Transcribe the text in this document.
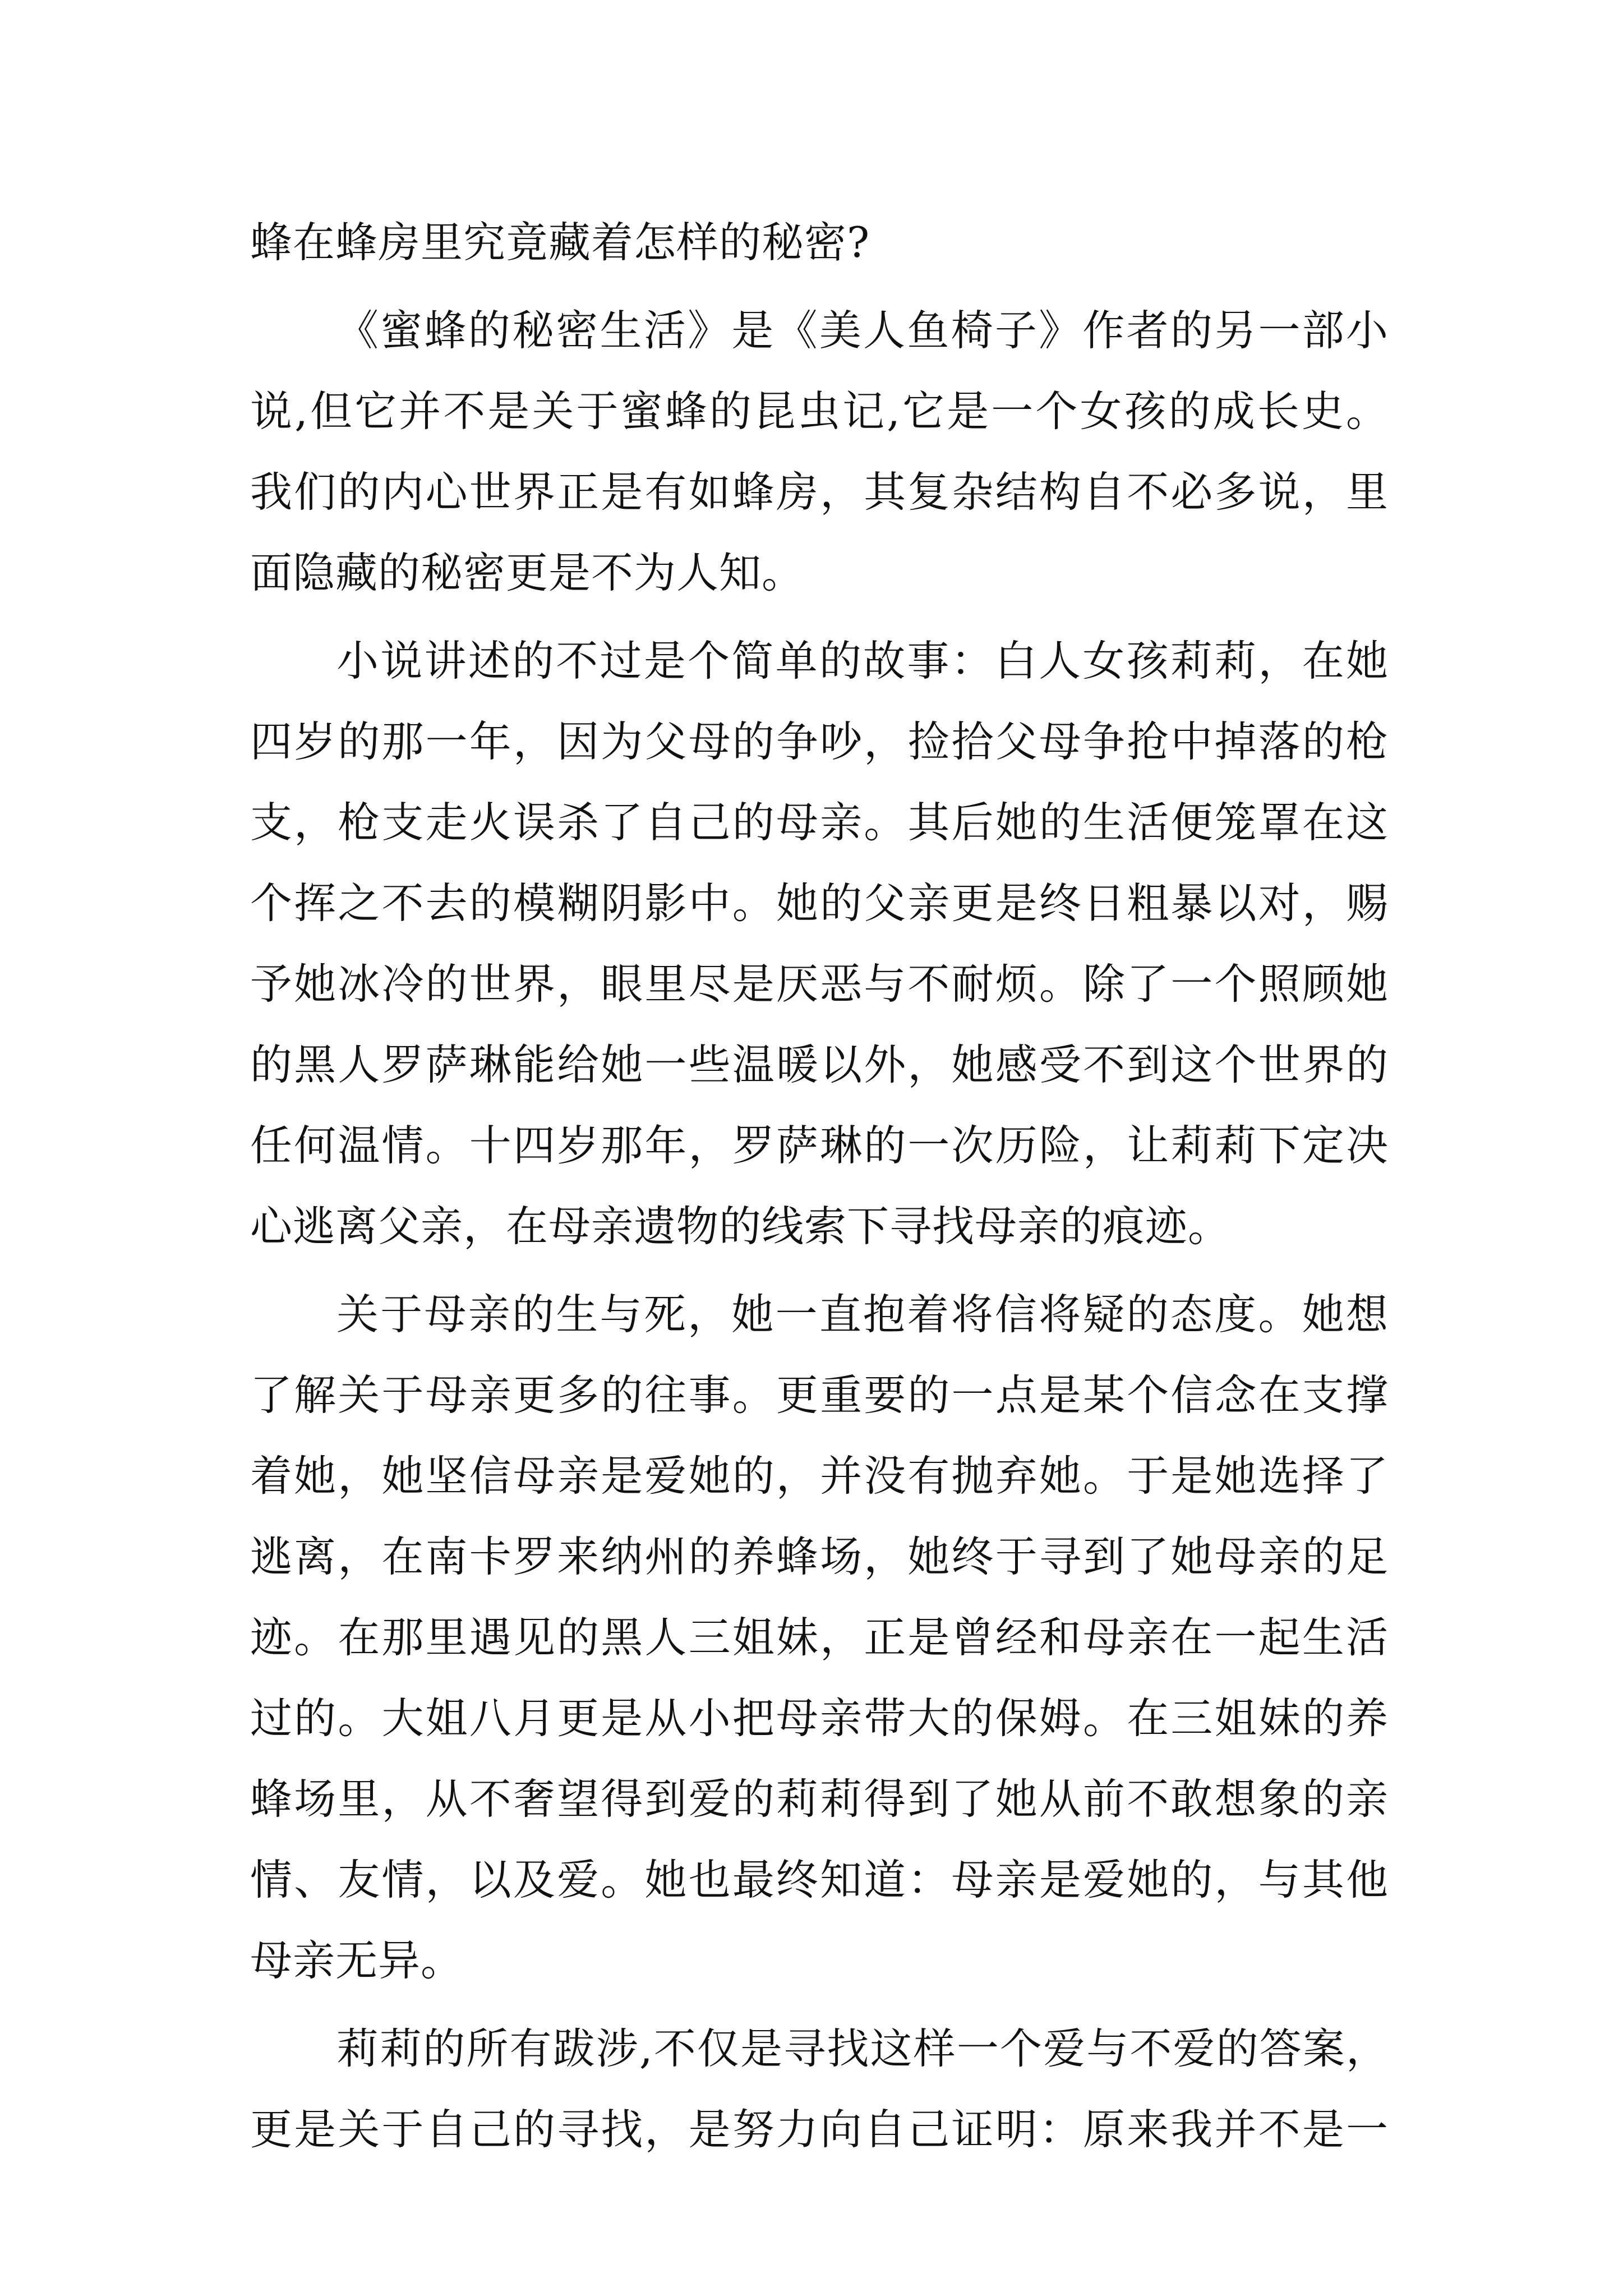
蜂在蜂房里究竟藏着怎样的秘密?

《蜜蜂的秘密生活》是《美人鱼椅子》作者的另一部小
说,但它并不是关于蜜蜂的昆虫记,它是一个女孩的成长史。
我们的内心世界正是有如蜂房，其复杂结构自不必多说，里
面隐藏的秘密更是不为人知。

小说讲述的不过是个简单的故事：白人女孩莉莉，在她
四岁的那一年，因为父母的争吵，捡拾父母争抢中掉落的枪
支，枪支走火误杀了自己的母亲。其后她的生活便笼罩在这
个挥之不去的模糊阴影中。她的父亲更是终日粗暴以对，赐
予她冰冷的世界，眼里尽是厌恶与不耐烦。除了一个照顾她
的黑人罗萨琳能给她一些温暖以外，她感受不到这个世界的
任何温情。十四岁那年，罗萨琳的一次历险，让莉莉下定决
心逃离父亲，在母亲遗物的线索下寻找母亲的痕迹。

关于母亲的生与死，她一直抱着将信将疑的态度。她想
了解关于母亲更多的往事。更重要的一点是某个信念在支撑
着她，她坚信母亲是爱她的，并没有抛弃她。于是她选择了
逃离，在南卡罗来纳州的养蜂场，她终于寻到了她母亲的足
迹。在那里遇见的黑人三姐妹，正是曾经和母亲在一起生活
过的。大姐八月更是从小把母亲带大的保姆。在三姐妹的养
蜂场里，从不奢望得到爱的莉莉得到了她从前不敢想象的亲
情、友情，以及爱。她也最终知道：母亲是爱她的，与其他
母亲无异。

莉莉的所有跋涉,不仅是寻找这样一个爱与不爱的答案，
更是关于自己的寻找，是努力向自己证明：原来我并不是一
